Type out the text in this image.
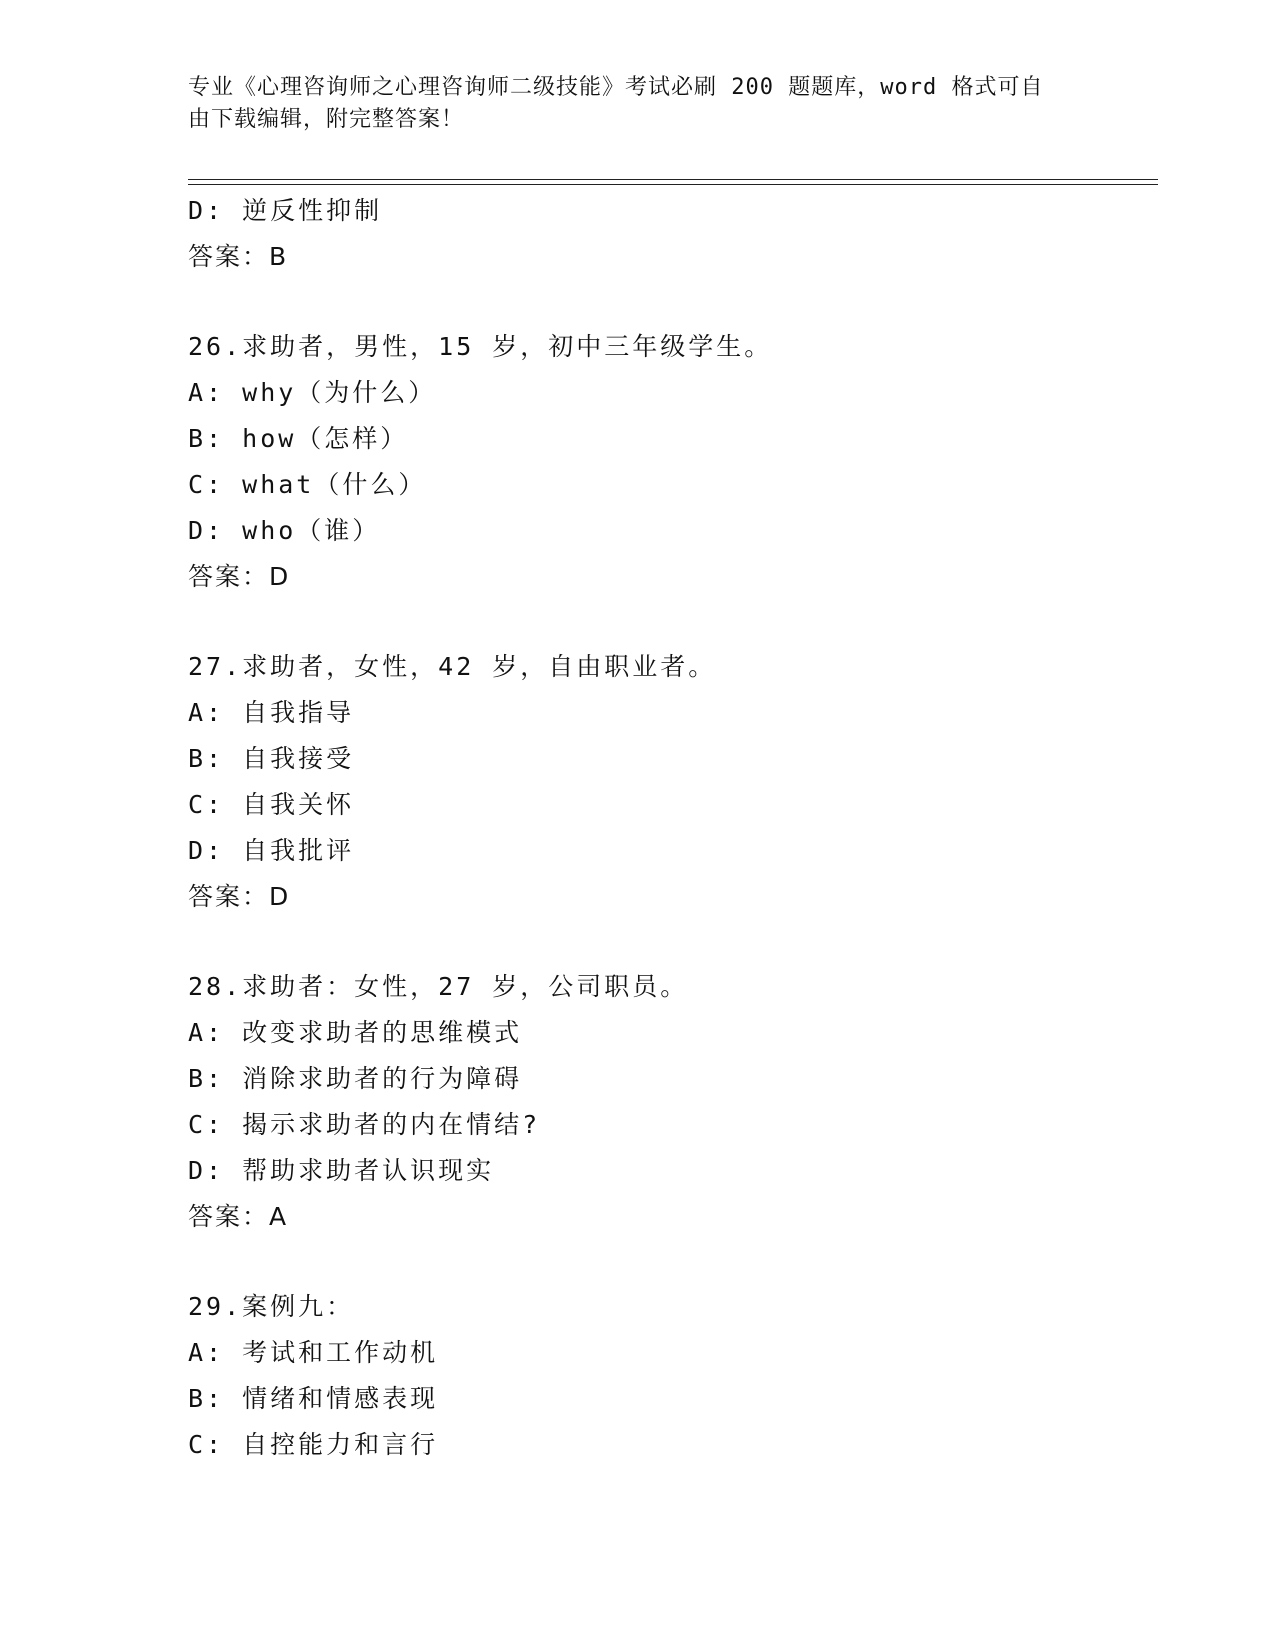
专业《心理咨询师之心理咨询师二级技能》考试必刷 200 题题库，word 格式可自
由下载编辑，附完整答案！
D: 逆反性抑制
答案：B
26.求助者，男性，15 岁，初中三年级学生。
A: why（为什么）
B: how（怎样）
C: what（什么）
D: who（谁）
答案：D
27.求助者，女性，42 岁，自由职业者。
A: 自我指导
B: 自我接受
C: 自我关怀
D: 自我批评
答案：D
28.求助者：女性，27 岁，公司职员。
A: 改变求助者的思维模式
B: 消除求助者的行为障碍
C: 揭示求助者的内在情结?
D: 帮助求助者认识现实
答案：A
29.案例九：
A: 考试和工作动机
B: 情绪和情感表现
C: 自控能力和言行
